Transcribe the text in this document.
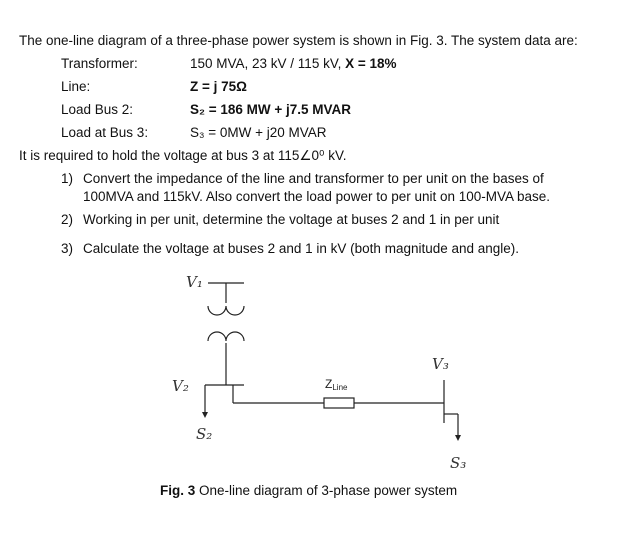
The one-line diagram of a three-phase power system is shown in Fig. 3. The system data are:
Transformer:	150 MVA, 23 kV / 115 kV, X = 18%
Line:	Z = j 75Ω
Load Bus 2:	S₂ = 186 MW + j7.5 MVAR
Load at Bus 3:	S₃ = 0MW + j20 MVAR
It is required to hold the voltage at bus 3 at 115∠0⁰ kV.
1) Convert the impedance of the line and transformer to per unit on the bases of
100MVA and 115kV. Also convert the load power to per unit on 100-MVA base.
2) Working in per unit, determine the voltage at buses 2 and 1 in per unit
3) Calculate the voltage at buses 2 and 1 in kV (both magnitude and angle).
V₁
V₂
V₃
S₂
S₃
ZLine
Fig. 3 One-line diagram of 3-phase power system
